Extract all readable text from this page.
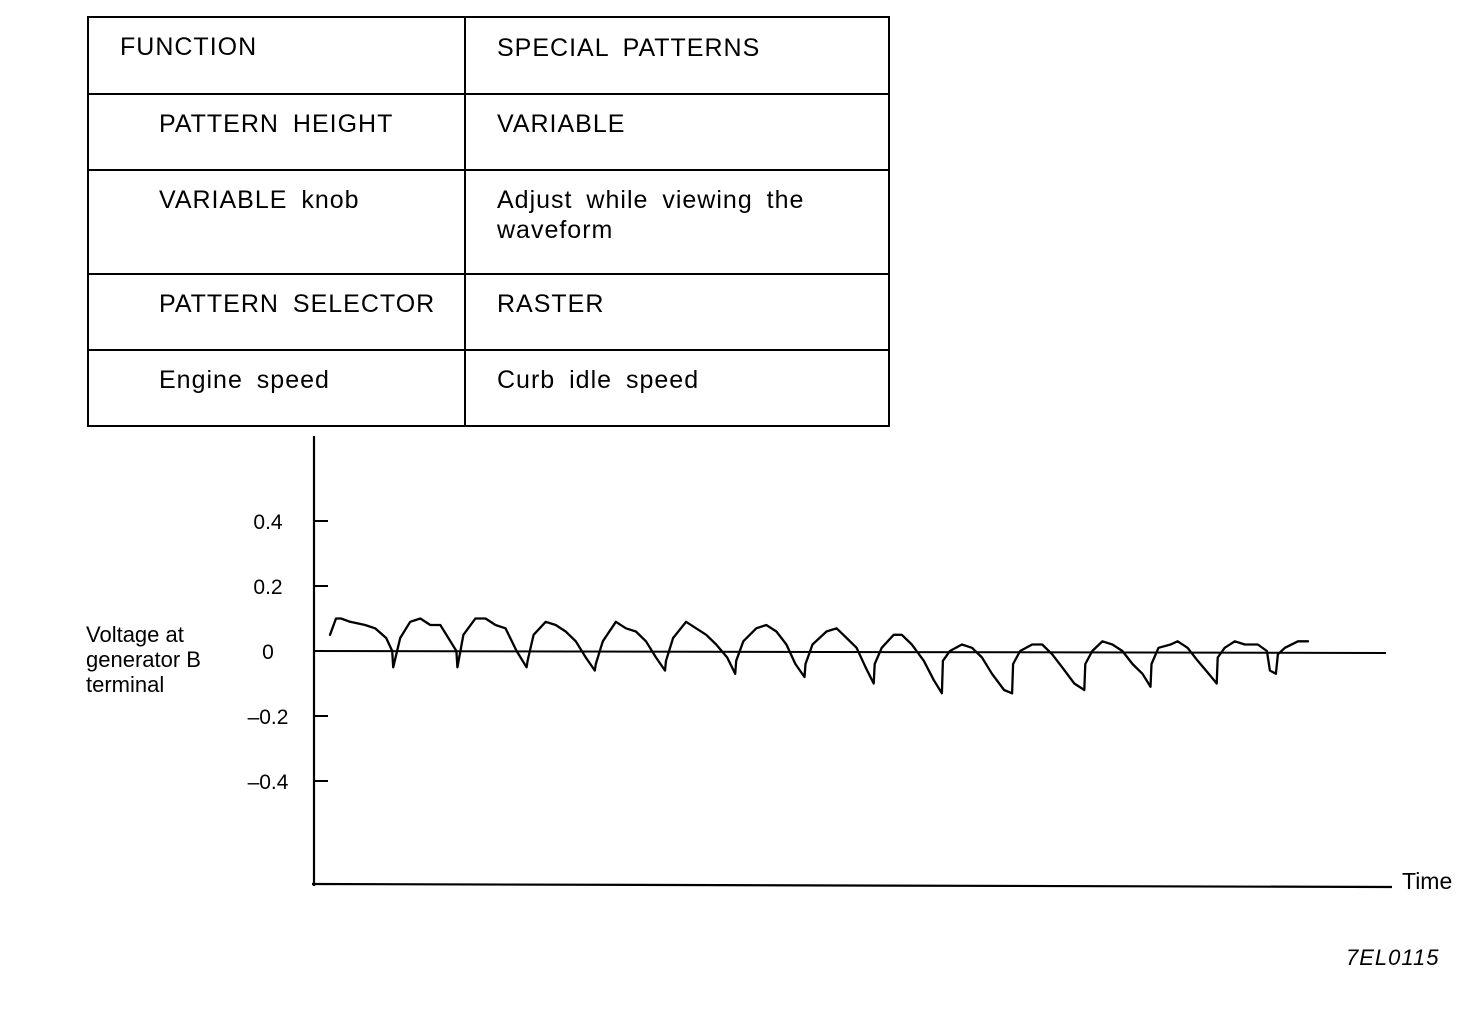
FUNCTION	SPECIAL PATTERNS
PATTERN HEIGHT	VARIABLE
VARIABLE knob	Adjust while viewing the waveform
PATTERN SELECTOR	RASTER
Engine speed	Curb idle speed
0.4
0.2
0
–0.2
–0.4
Voltage at
generator B
terminal
Time
7EL0115
